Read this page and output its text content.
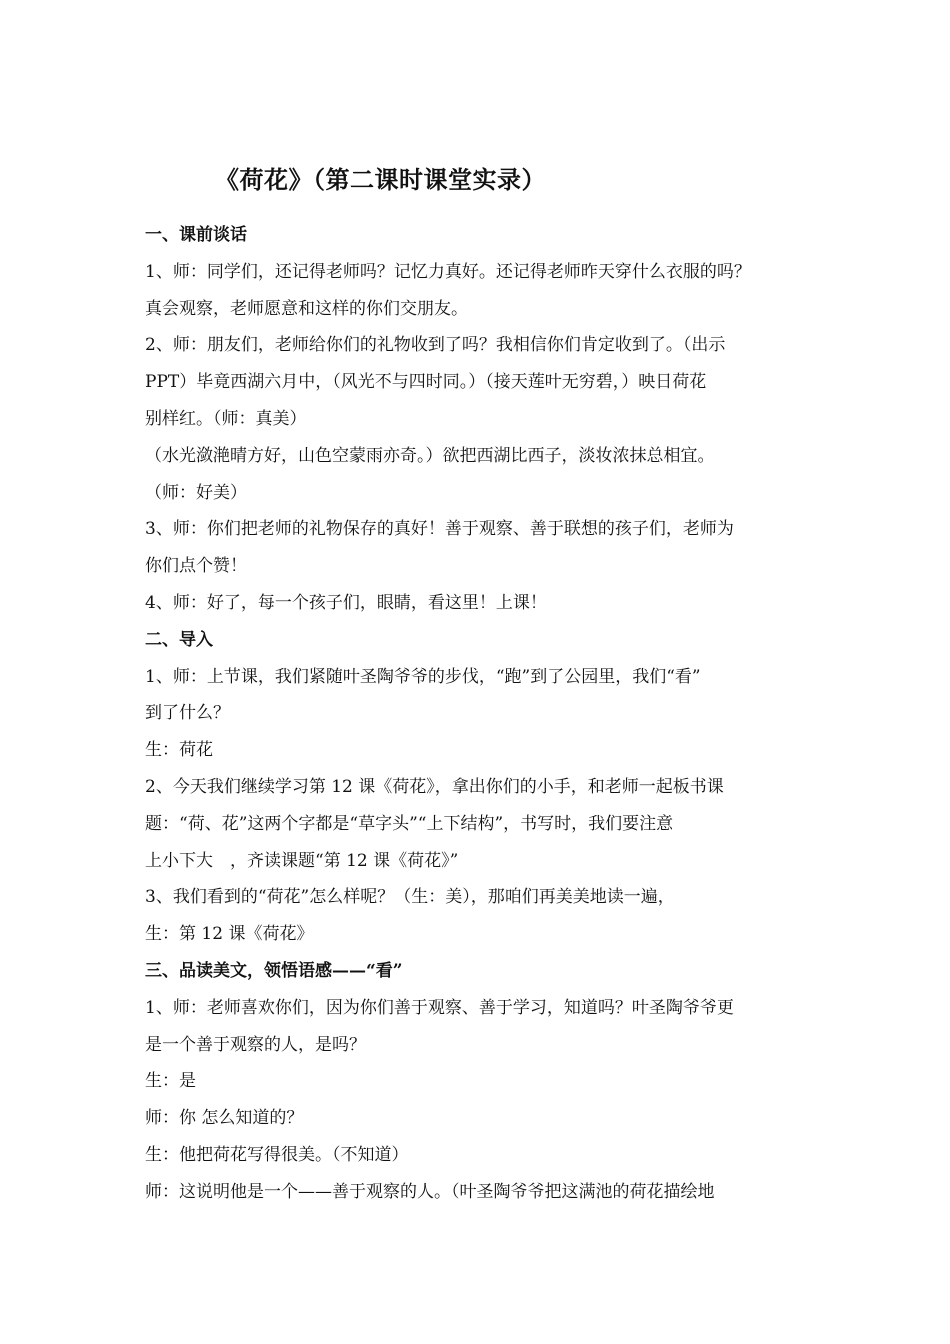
《荷花》（第二课时课堂实录）
一、课前谈话
1、师：同学们，还记得老师吗？记忆力真好。还记得老师昨天穿什么衣服的吗？
真会观察，老师愿意和这样的你们交朋友。
2、师：朋友们，老师给你们的礼物收到了吗？我相信你们肯定收到了。（出示
PPT）毕竟西湖六月中，（风光不与四时同。）（接天莲叶无穷碧，）映日荷花
别样红。（师：真美）
（水光潋滟晴方好，山色空蒙雨亦奇。）欲把西湖比西子，淡妆浓抹总相宜。
（师：好美）
3、师：你们把老师的礼物保存的真好！善于观察、善于联想的孩子们，老师为
你们点个赞！
4、师：好了，每一个孩子们，眼睛，看这里！上课！
二、导入
1、师：上节课，我们紧随叶圣陶爷爷的步伐，“跑”到了公园里，我们“看”
到了什么？
生：荷花
2、今天我们继续学习第 12 课《荷花》，拿出你们的小手，和老师一起板书课
题：“荷、花”这两个字都是“草字头”“上下结构”，书写时，我们要注意
上小下大　，齐读课题“第 12 课《荷花》”
3、我们看到的“荷花”怎么样呢？（生：美），那咱们再美美地读一遍，
生：第 12 课《荷花》
三、品读美文，领悟语感——“看”
1、师：老师喜欢你们，因为你们善于观察、善于学习，知道吗？叶圣陶爷爷更
是一个善于观察的人，是吗？
生：是
师：你 怎么知道的？
生：他把荷花写得很美。（不知道）
师：这说明他是一个——善于观察的人。（叶圣陶爷爷把这满池的荷花描绘地
